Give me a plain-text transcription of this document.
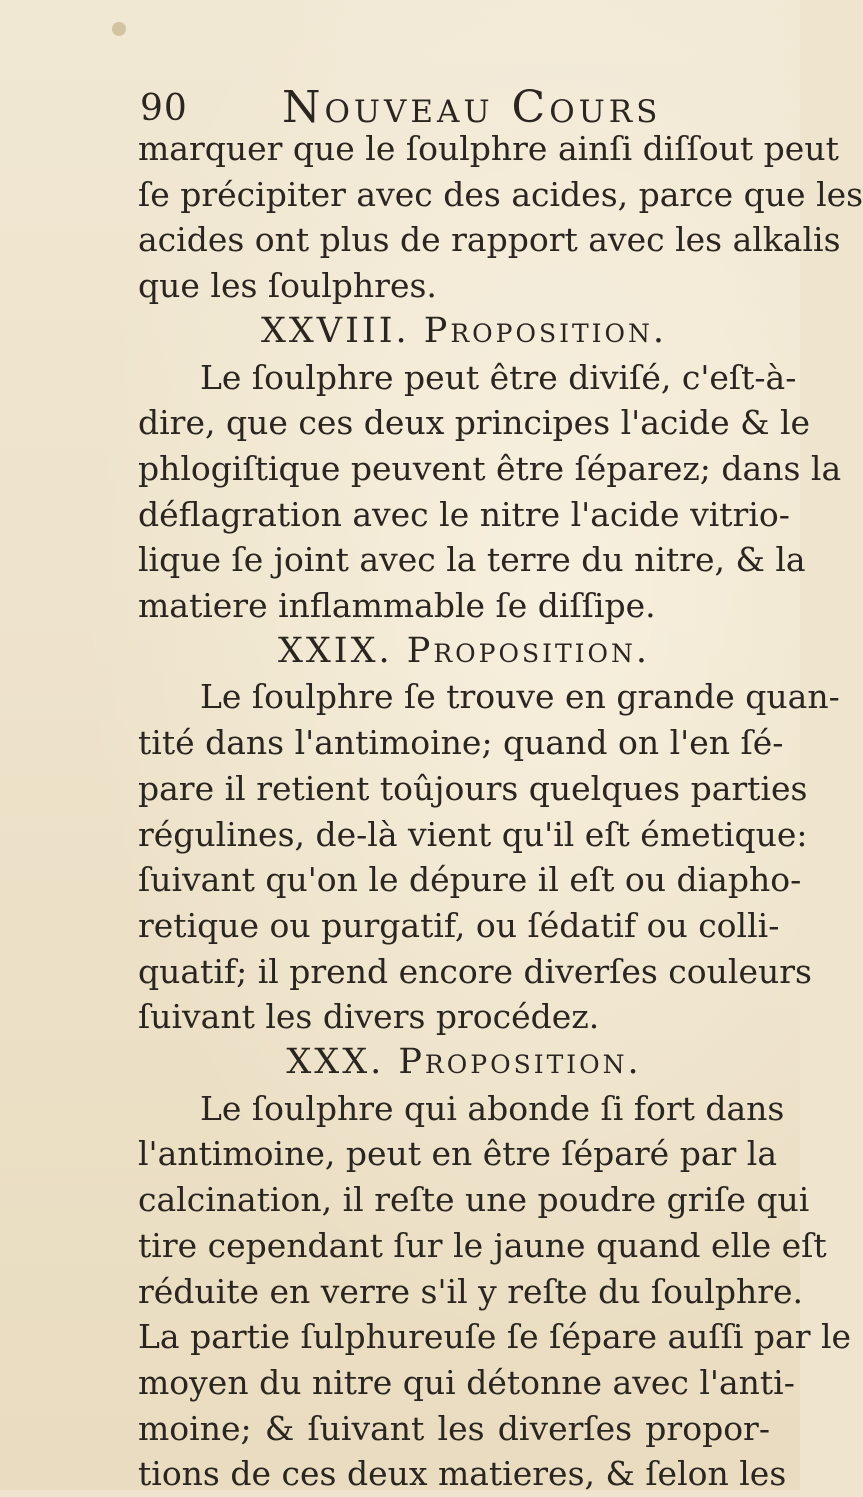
90 Nouveau Cours
marquer que le ſoulphre ainſi diſſout peut
ſe précipiter avec des acides, parce que les
acides ont plus de rapport avec les alkalis
que les ſoulphres.
XXVIII. Proposition.
Le ſoulphre peut être diviſé, c'eſt-à-
dire, que ces deux principes l'acide & le
phlogiſtique peuvent être ſéparez; dans la
déflagration avec le nitre l'acide vitrio-
lique ſe joint avec la terre du nitre, & la
matiere inflammable ſe diſſipe.
XXIX. Proposition.
Le ſoulphre ſe trouve en grande quan-
tité dans l'antimoine; quand on l'en ſé-
pare il retient toûjours quelques parties
régulines, de-là vient qu'il eſt émetique:
ſuivant qu'on le dépure il eſt ou diapho-
retique ou purgatif, ou ſédatif ou colli-
quatif; il prend encore diverſes couleurs
ſuivant les divers procédez.
XXX. Proposition.
Le ſoulphre qui abonde ſi fort dans
l'antimoine, peut en être ſéparé par la
calcination, il reſte une poudre griſe qui
tire cependant ſur le jaune quand elle eſt
réduite en verre s'il y reſte du ſoulphre.
La partie ſulphureuſe ſe ſépare auſſi par le
moyen du nitre qui détonne avec l'anti-
moine; & ſuivant les diverſes propor-
tions de ces deux matieres, & ſelon les
